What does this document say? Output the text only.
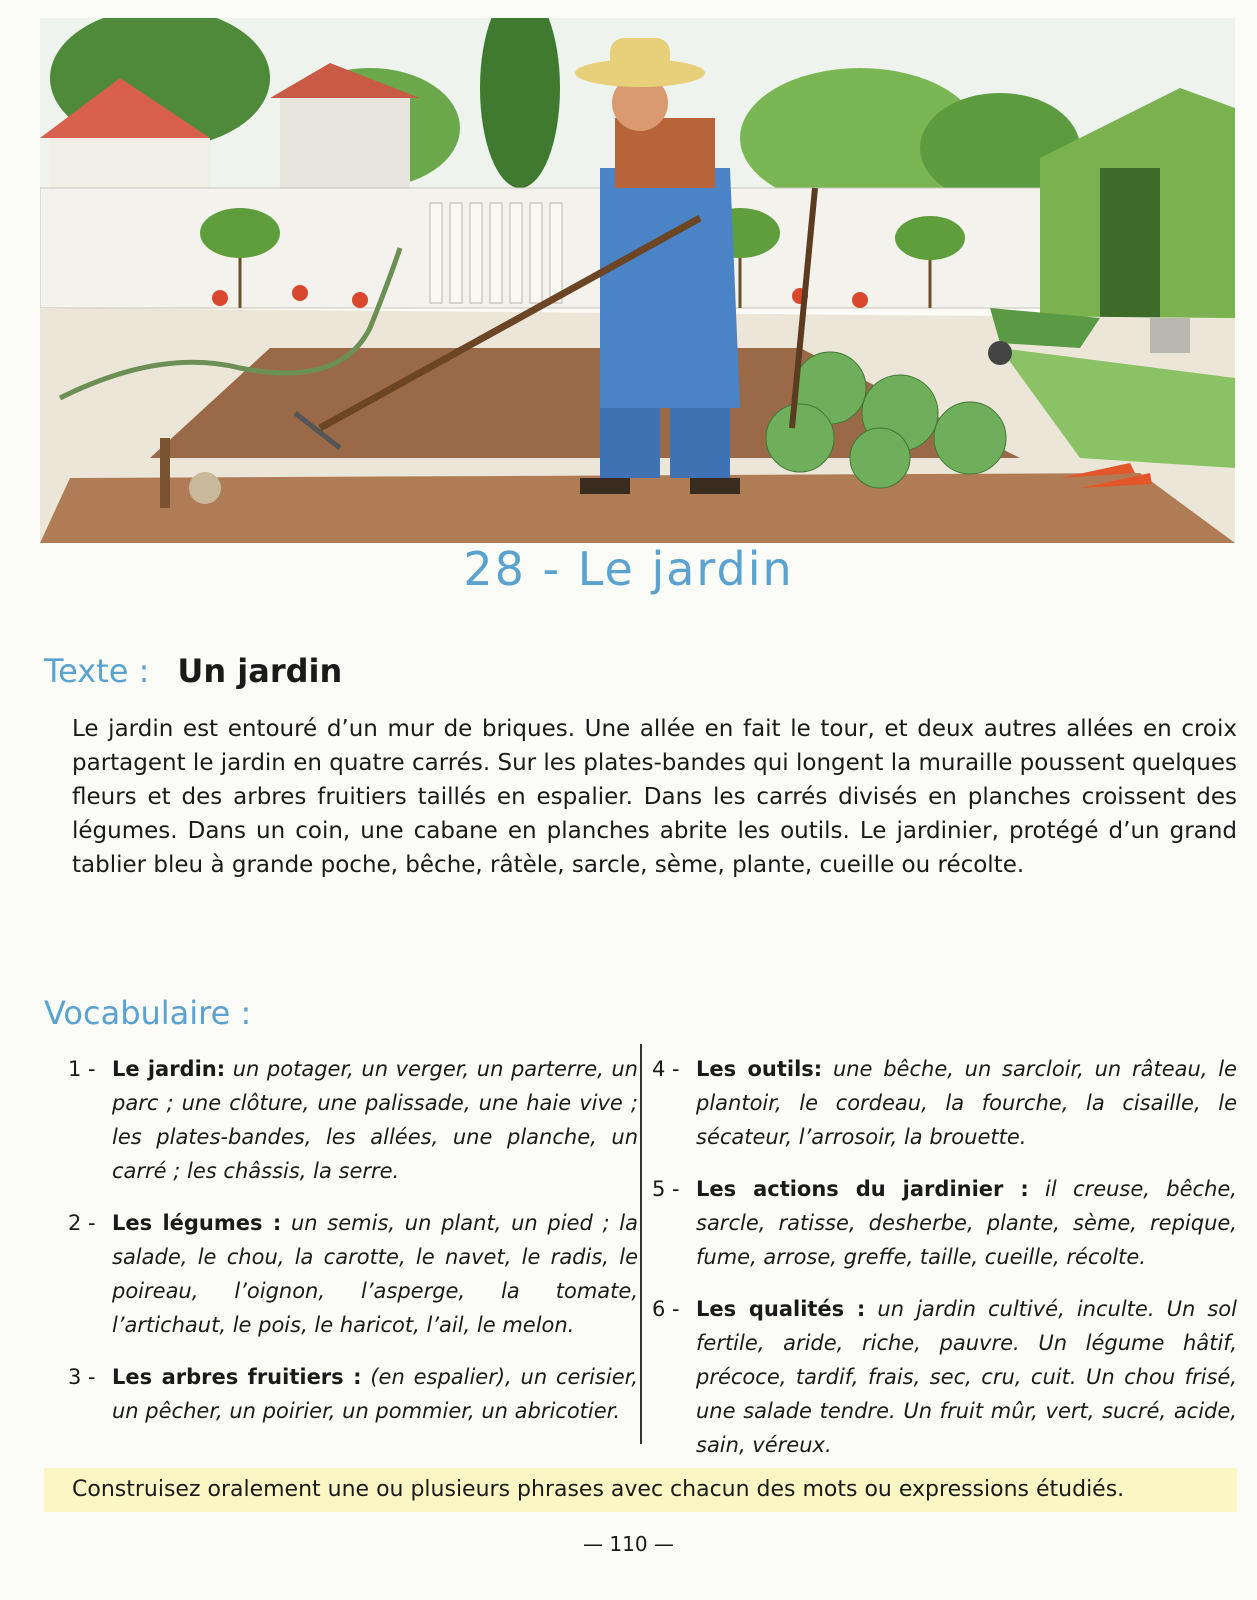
28 - Le jardin
Texte : Un jardin

Le jardin est entouré d’un mur de briques. Une allée en fait le tour, et deux autres allées en croix partagent le jardin en quatre carrés. Sur les plates-bandes qui longent la muraille poussent quelques fleurs et des arbres fruitiers taillés en espalier. Dans les carrés divisés en planches croissent des légumes. Dans un coin, une cabane en planches abrite les outils. Le jardinier, protégé d’un grand tablier bleu à grande poche, bêche, râtèle, sarcle, sème, plante, cueille ou récolte.

Vocabulaire :

1 - Le jardin: un potager, un verger, un parterre, un parc ; une clôture, une palissade, une haie vive ; les plates-bandes, les allées, une planche, un carré ; les châssis, la serre.

2 - Les légumes : un semis, un plant, un pied ; la salade, le chou, la carotte, le navet, le radis, le poireau, l’oignon, l’asperge, la tomate, l’artichaut, le pois, le haricot, l’ail, le melon.

3 - Les arbres fruitiers : (en espalier), un cerisier, un pêcher, un poirier, un pommier, un abricotier.

4 - Les outils: une bêche, un sarcloir, un râteau, le plantoir, le cordeau, la fourche, la cisaille, le sécateur, l’arrosoir, la brouette.

5 - Les actions du jardinier : il creuse, bêche, sarcle, ratisse, desherbe, plante, sème, repique, fume, arrose, greffe, taille, cueille, récolte.

6 - Les qualités : un jardin cultivé, inculte. Un sol fertile, aride, riche, pauvre. Un légume hâtif, précoce, tardif, frais, sec, cru, cuit. Un chou frisé, une salade tendre. Un fruit mûr, vert, sucré, acide, sain, véreux.

Construisez oralement une ou plusieurs phrases avec chacun des mots ou expressions étudiés.
— 110 —
